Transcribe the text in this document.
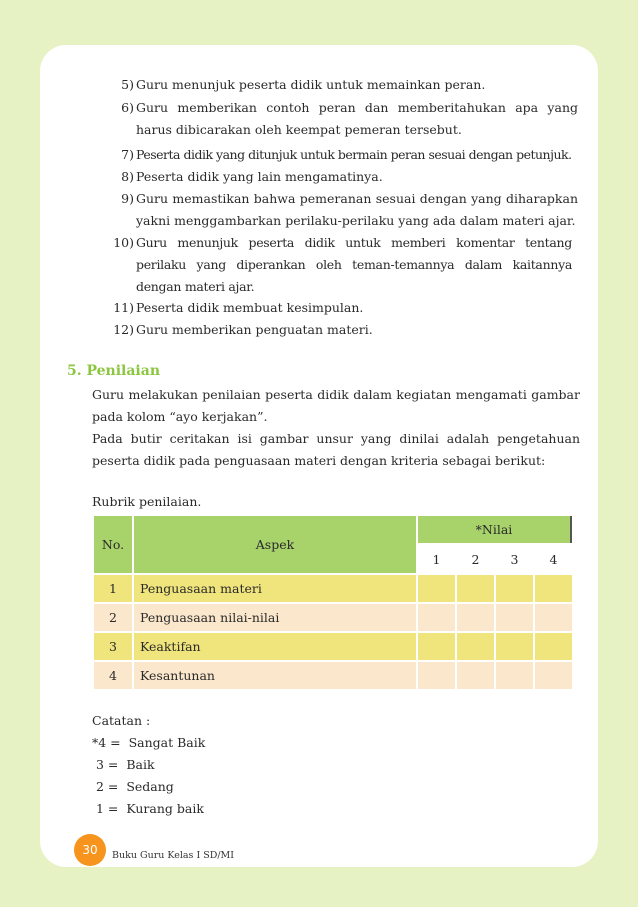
5) Guru menunjuk peserta didik untuk memainkan peran.
6) Guru memberikan contoh peran dan memberitahukan apa yang harus dibicarakan oleh keempat pemeran tersebut.
7) Peserta didik yang ditunjuk untuk bermain peran sesuai dengan petunjuk.
8) Peserta didik yang lain mengamatinya.
9) Guru memastikan bahwa pemeranan sesuai dengan yang diharapkan yakni menggambarkan perilaku-perilaku yang ada dalam materi ajar.
10) Guru menunjuk peserta didik untuk memberi komentar tentang perilaku yang diperankan oleh teman-temannya dalam kaitannya dengan materi ajar.
11) Peserta didik membuat kesimpulan.
12) Guru memberikan penguatan materi.
5. Penilaian
Guru melakukan penilaian peserta didik dalam kegiatan mengamati gambar pada kolom “ayo kerjakan”.
Pada butir ceritakan isi gambar unsur yang dinilai adalah pengetahuan peserta didik pada penguasaan materi dengan kriteria sebagai berikut:
Rubrik penilaian.
No.	Aspek	*Nilai			
		1	2	3	4
1	Penguasaan materi				
2	Penguasaan nilai-nilai				
3	Keaktifan				
4	Kesantunan				
Catatan :
*4 =  Sangat Baik
3 =  Baik
2 =  Sedang
1 =  Kurang baik
30	Buku Guru Kelas I SD/MI
